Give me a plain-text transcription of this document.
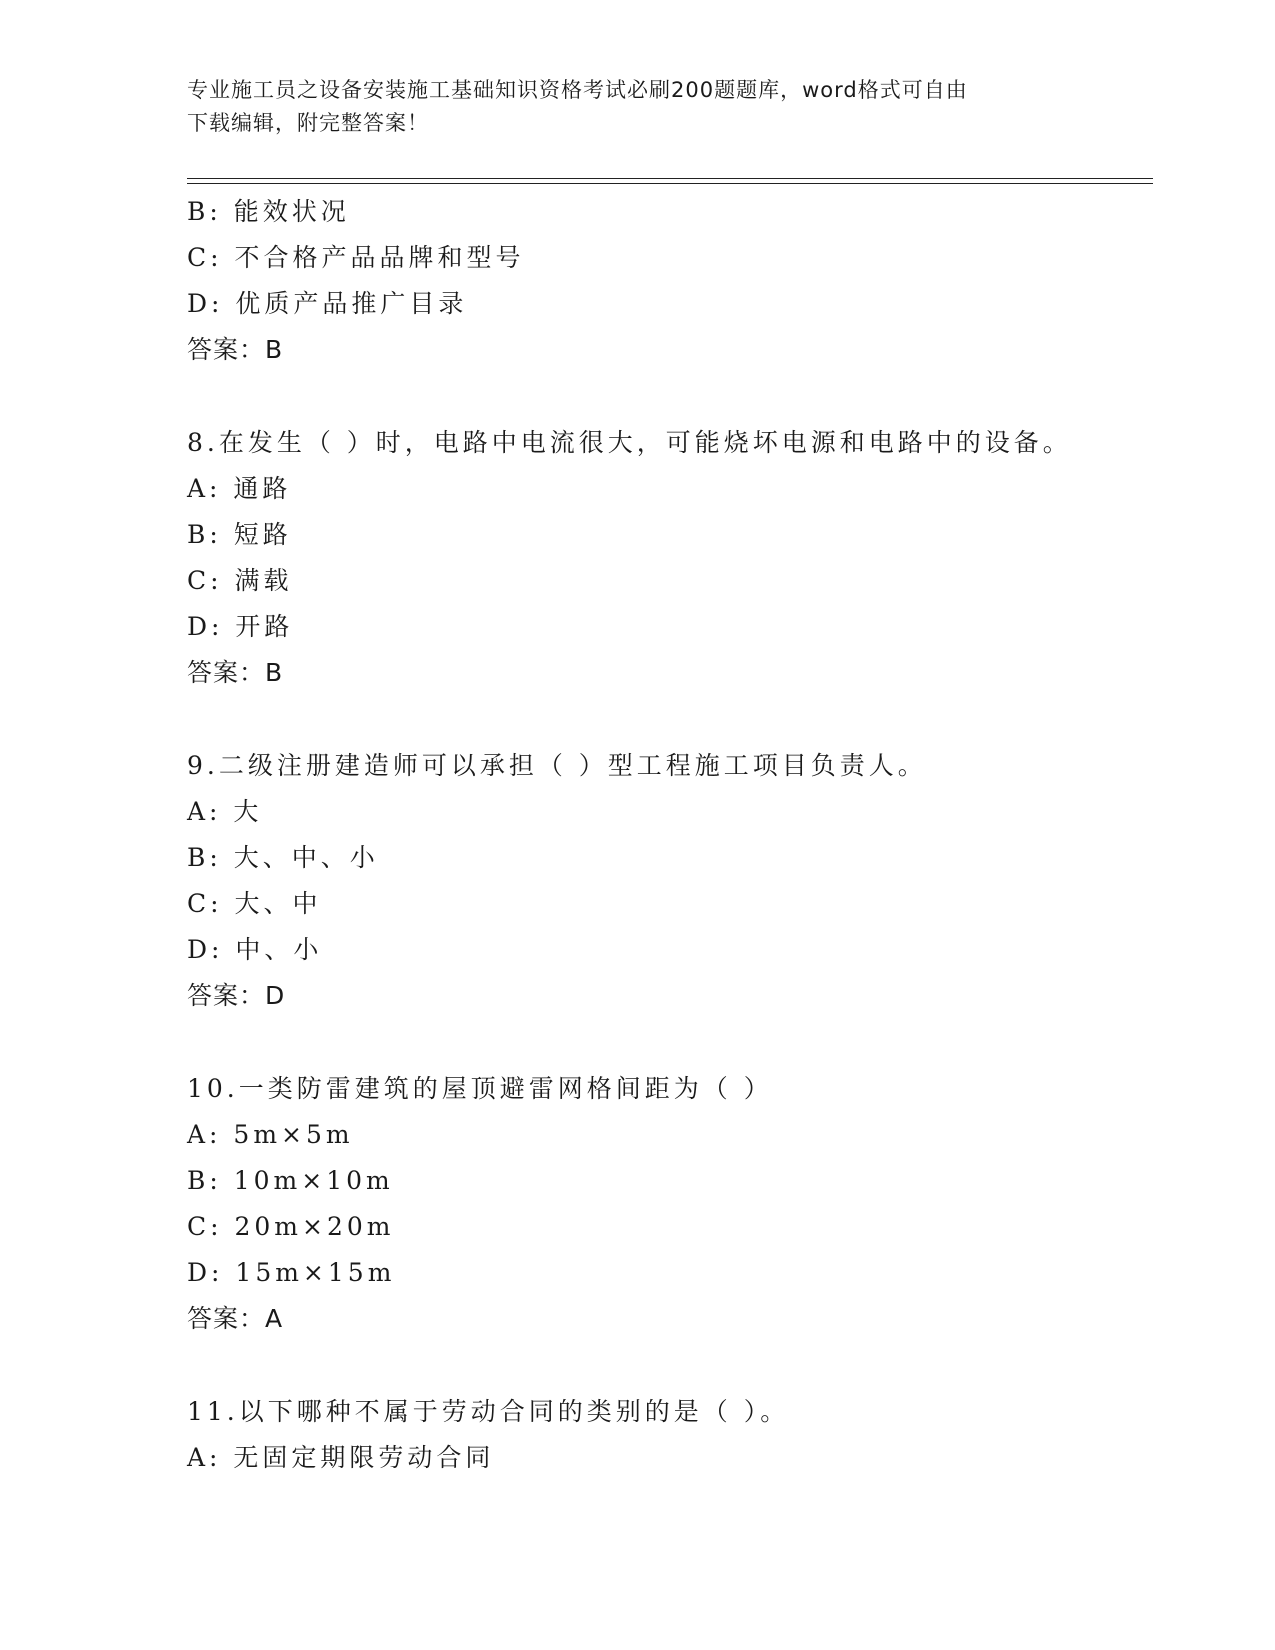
专业施工员之设备安装施工基础知识资格考试必刷200题题库，word格式可自由
下载编辑，附完整答案！
B: 能效状况
C: 不合格产品品牌和型号
D: 优质产品推广目录
答案：B
8.在发生（ ）时，电路中电流很大，可能烧坏电源和电路中的设备。
A: 通路
B: 短路
C: 满载
D: 开路
答案：B
9.二级注册建造师可以承担（ ）型工程施工项目负责人。
A: 大
B: 大、中、小
C: 大、中
D: 中、小
答案：D
10.一类防雷建筑的屋顶避雷网格间距为（ ）
A: 5m×5m
B: 10m×10m
C: 20m×20m
D: 15m×15m
答案：A
11.以下哪种不属于劳动合同的类别的是（ ）。
A: 无固定期限劳动合同
